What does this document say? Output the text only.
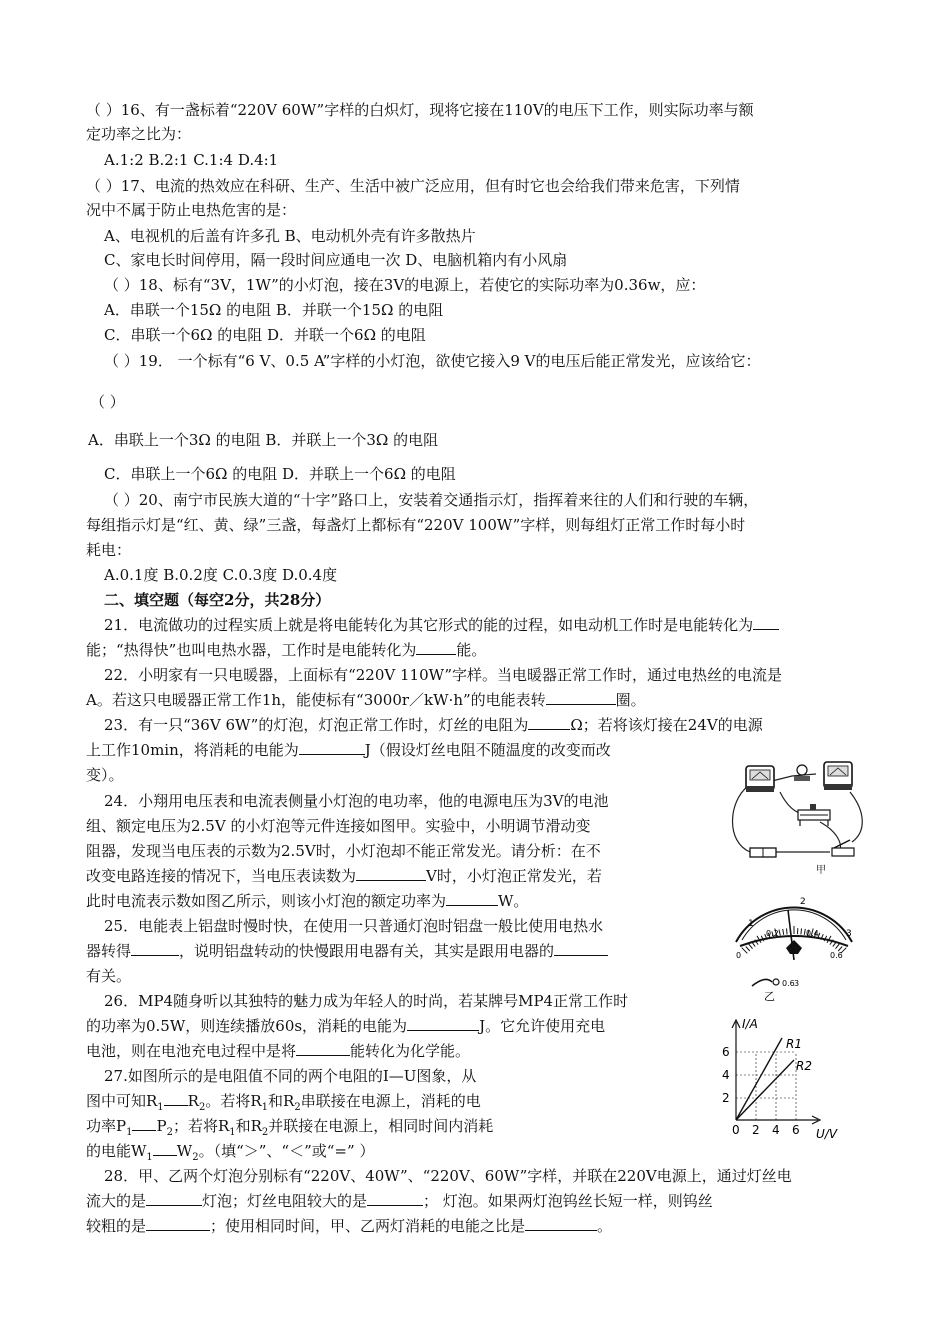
（ ）16、有一盏标着“220V 60W”字样的白炽灯，现将它接在110V的电压下工作，则实际功率与额
定功率之比为：
A.1:2 B.2:1 C.1:4 D.4:1
（ ）17、电流的热效应在科研、生产、生活中被广泛应用，但有时它也会给我们带来危害，下列情
况中不属于防止电热危害的是：
A、电视机的后盖有许多孔 B、电动机外壳有许多散热片
C、家电长时间停用，隔一段时间应通电一次 D、电脑机箱内有小风扇
（ ）18、标有“3V，1W”的小灯泡，接在3V的电源上，若使它的实际功率为0.36w，应：
A．串联一个15Ω 的电阻 B．并联一个15Ω 的电阻
C．串联一个6Ω 的电阻 D．并联一个6Ω 的电阻
（ ）19． 一个标有“6 V、0.5 A”字样的小灯泡，欲使它接入9 V的电压后能正常发光，应该给它：
（ ）
A．串联上一个3Ω 的电阻 B．并联上一个3Ω 的电阻
C．串联上一个6Ω 的电阻 D．并联上一个6Ω 的电阻
（ ）20、南宁市民族大道的“十字”路口上，安装着交通指示灯，指挥着来往的人们和行驶的车辆，
每组指示灯是“红、黄、绿”三盏，每盏灯上都标有“220V 100W”字样，则每组灯正常工作时每小时
耗电：
A.0.1度 B.0.2度 C.0.3度 D.0.4度
二、填空题（每空2分，共28分）
21．电流做功的过程实质上就是将电能转化为其它形式的能的过程，如电动机工作时是电能转化为
能；“热得快”也叫电热水器，工作时是电能转化为	能。
22．小明家有一只电暖器，上面标有“220V 110W”字样。当电暖器正常工作时，通过电热丝的电流是
A。若这只电暖器正常工作1h，能使标有“3000r／kW·h”的电能表转	圈。
23．有一只“36V 6W”的灯泡，灯泡正常工作时，灯丝的电阻为	Ω；若将该灯接在24V的电源
上工作10min，将消耗的电能为	J（假设灯丝电阻不随温度的改变而改
变）。
24．小翔用电压表和电流表侧量小灯泡的电功率，他的电源电压为3V的电池
组、额定电压为2.5V 的小灯泡等元件连接如图甲。实验中，小明调节滑动变
阻器，发现当电压表的示数为2.5V时，小灯泡却不能正常发光。请分析：在不
改变电路连接的情况下，当电压表读数为	V时，小灯泡正常发光，若
此时电流表示数如图乙所示，则该小灯泡的额定功率为	W。
25．电能表上铝盘时慢时快，在使用一只普通灯泡时铝盘一般比使用电热水
器转得	，说明铝盘转动的快慢跟用电器有关，其实是跟用电器的
有关。
26．MP4随身听以其独特的魅力成为年轻人的时尚，若某牌号MP4正常工作时
的功率为0.5W，则连续播放60s，消耗的电能为	J。它允许使用充电
电池，则在电池充电过程中是将	能转化为化学能。
27.如图所示的是电阻值不同的两个电阻的I—U图象，从
图中可知$R_1$ $R_2$。若将$R_1$和$R_2$串联接在电源上，消耗的电
功率$P_1$ $P_2$；若将$R_1$和$R_2$并联接在电源上，相同时间内消耗
的电能$W_1$ $W_2$。（填“＞”、“＜”或“=” ）
28．甲、乙两个灯泡分别标有“220V、40W”、“220V、60W”字样，并联在220V电源上，通过灯丝电
流大的是	灯泡；灯丝电阻较大的是	； 灯泡。如果两灯泡钨丝长短一样，则钨丝
较粗的是	；使用相同时间，甲、乙两灯消耗的电能之比是	。
甲
1
2
3
0
0.2	0.4
0.6
0.6 3
乙
I/A
U/V
6
4
2
0 2 4 6
R1
R2
